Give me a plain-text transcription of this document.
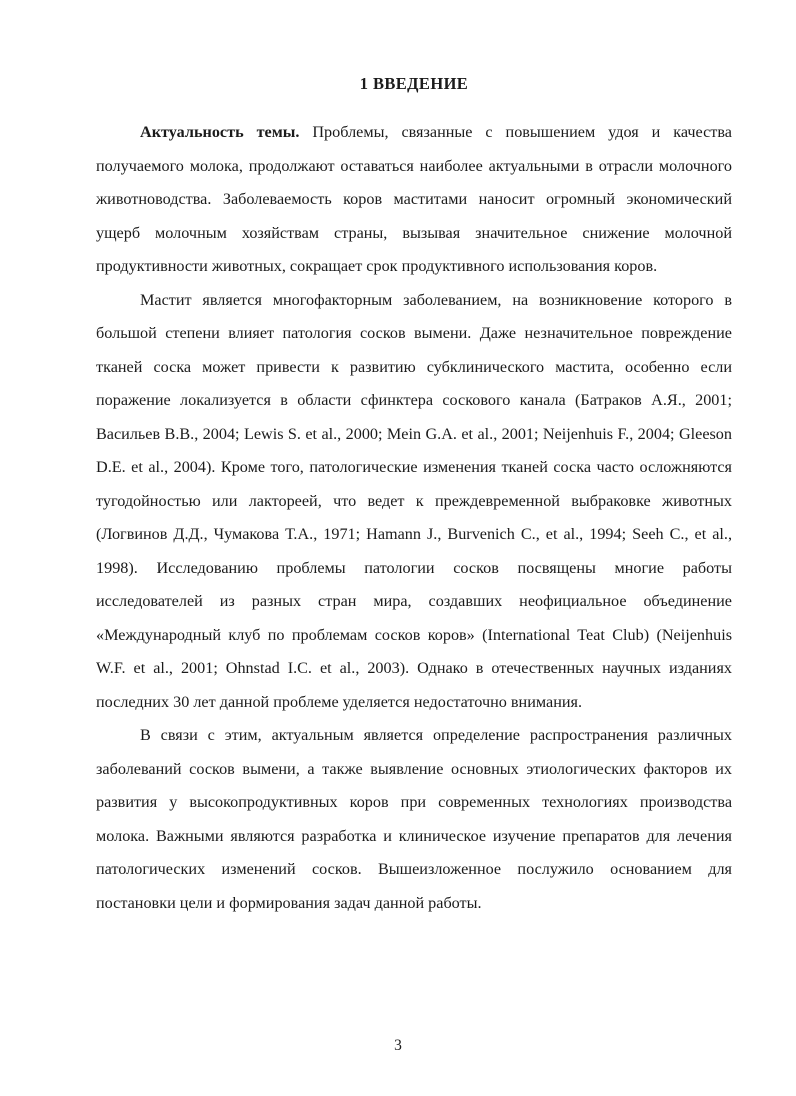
1 ВВЕДЕНИЕ

Актуальность темы. Проблемы, связанные с повышением удоя и качества получаемого молока, продолжают оставаться наиболее актуальными в отрасли молочного животноводства. Заболеваемость коров маститами наносит огромный экономический ущерб молочным хозяйствам страны, вызывая значительное снижение молочной продуктивности животных, сокращает срок продуктивного использования коров.

Мастит является многофакторным заболеванием, на возникновение которого в большой степени влияет патология сосков вымени. Даже незначительное повреждение тканей соска может привести к развитию субклинического мастита, особенно если поражение локализуется в области сфинктера соскового канала (Батраков А.Я., 2001; Васильев В.В., 2004; Lewis S. et al., 2000; Mein G.A. et al., 2001; Neijenhuis F., 2004; Gleeson D.E. et al., 2004). Кроме того, патологические изменения тканей соска часто осложняются тугодойностью или лактореей, что ведет к преждевременной выбраковке животных (Логвинов Д.Д., Чумакова Т.А., 1971; Hamann J., Burvenich C., et al., 1994; Seeh C., et al., 1998). Исследованию проблемы патологии сосков посвящены многие работы исследователей из разных стран мира, создавших неофициальное объединение «Международный клуб по проблемам сосков коров» (International Teat Club) (Neijenhuis W.F. et al., 2001; Ohnstad I.C. et al., 2003). Однако в отечественных научных изданиях последних 30 лет данной проблеме уделяется недостаточно внимания.

В связи с этим, актуальным является определение распространения различных заболеваний сосков вымени, а также выявление основных этиологических факторов их развития у высокопродуктивных коров при современных технологиях производства молока. Важными являются разработка и клиническое изучение препаратов для лечения патологических изменений сосков. Вышеизложенное послужило основанием для постановки цели и формирования задач данной работы.

3
